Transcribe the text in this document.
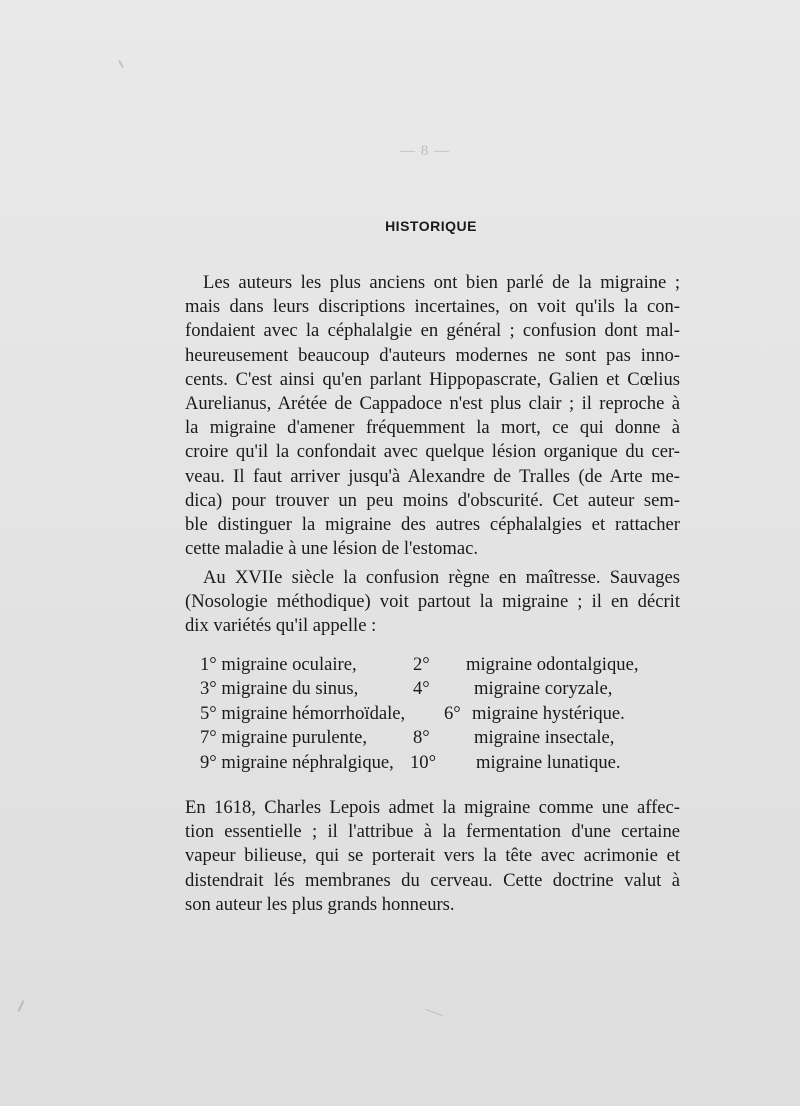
— 8 —
HISTORIQUE
Les auteurs les plus anciens ont bien parlé de la migraine ;
mais dans leurs discriptions incertaines, on voit qu'ils la con-
fondaient avec la céphalalgie en général ; confusion dont mal-
heureusement beaucoup d'auteurs modernes ne sont pas inno-
cents. C'est ainsi qu'en parlant Hippopascrate, Galien et Cœlius
Aurelianus, Arétée de Cappadoce n'est plus clair ; il reproche à
la migraine d'amener fréquemment la mort, ce qui donne à
croire qu'il la confondait avec quelque lésion organique du cer-
veau. Il faut arriver jusqu'à Alexandre de Tralles (de Arte me-
dica) pour trouver un peu moins d'obscurité. Cet auteur sem-
ble distinguer la migraine des autres céphalalgies et rattacher
cette maladie à une lésion de l'estomac.
Au XVIIe siècle la confusion règne en maîtresse. Sauvages
(Nosologie méthodique) voit partout la migraine ; il en décrit
dix variétés qu'il appelle :
1° migraine oculaire,	2° migraine odontalgique,
3° migraine du sinus,	4° migraine coryzale,
5° migraine hémorrhoïdale, 6° migraine hystérique.
7° migraine purulente, 8° migraine insectale,
9° migraine néphralgique, 10° migraine lunatique.
En 1618, Charles Lepois admet la migraine comme une affec-
tion essentielle ; il l'attribue à la fermentation d'une certaine
vapeur bilieuse, qui se porterait vers la tête avec acrimonie et
distendrait lés membranes du cerveau. Cette doctrine valut à
son auteur les plus grands honneurs.
